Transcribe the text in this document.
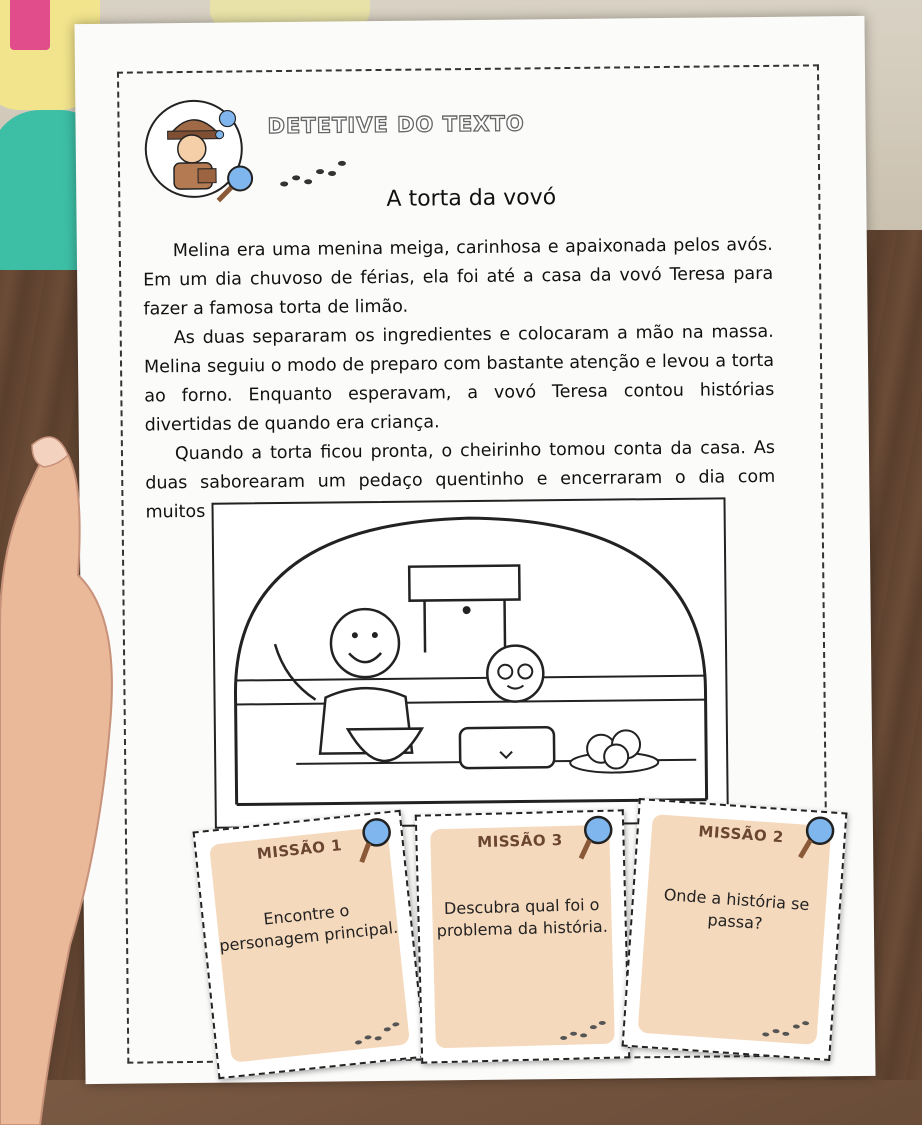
DETETIVE DO TEXTO
A torta da vovó

Melina era uma menina meiga, carinhosa e apaixonada pelos avós. Em um dia chuvoso de férias, ela foi até a casa da vovó Teresa para fazer a famosa torta de limão.

As duas separaram os ingredientes e colocaram a mão na massa. Melina seguiu o modo de preparo com bastante atenção e levou a torta ao forno. Enquanto esperavam, a vovó Teresa contou histórias divertidas de quando era criança.

Quando a torta ficou pronta, o cheirinho tomou conta da casa. As duas saborearam um pedaço quentinho e encerraram o dia com muitos sorrisos.

MISSÃO 1
Encontre o personagem principal.
MISSÃO 3
Descubra qual foi o problema da história.
MISSÃO 2
Onde a história se passa?
